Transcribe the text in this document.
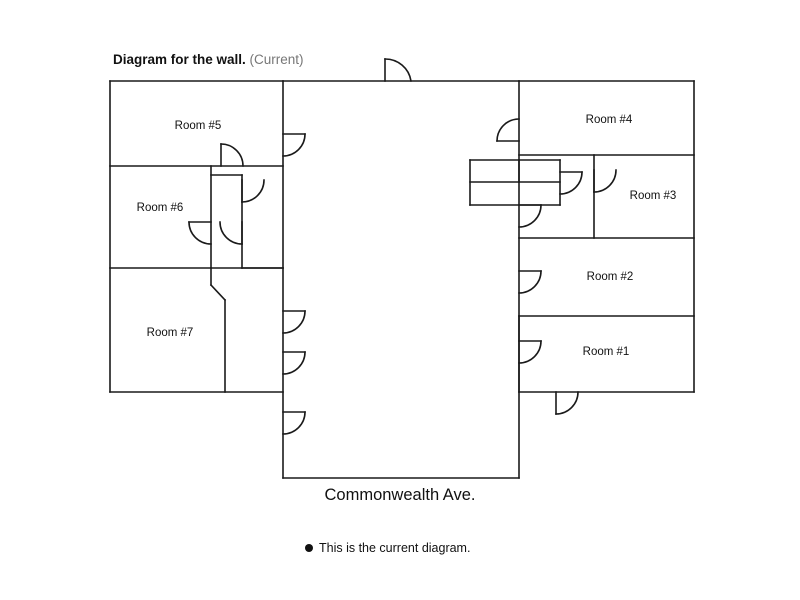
Room #5
Room #6
Room #7
Room #4
Room #3
Room #2
Room #1
Diagram for the wall. (Current)
Commonwealth Ave.
This is the current diagram.
